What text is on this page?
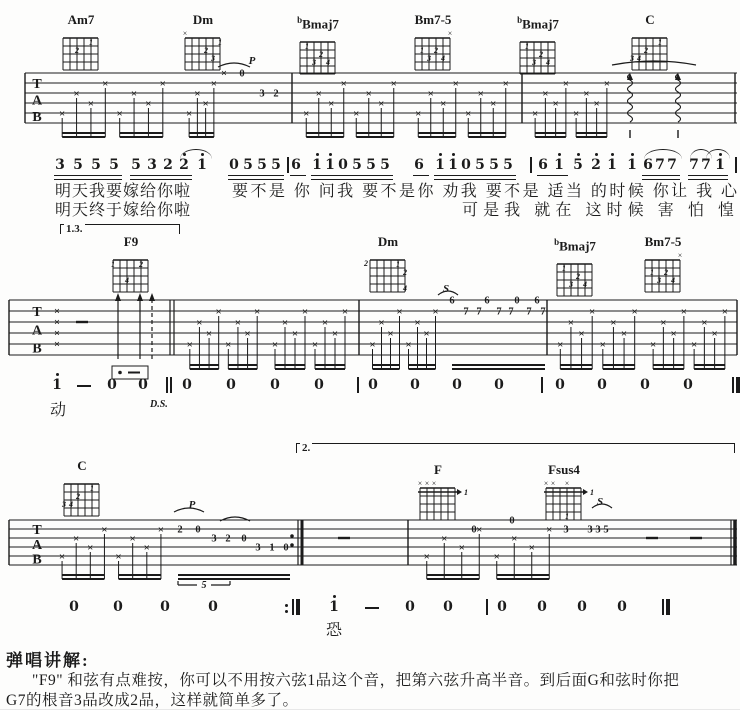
T
A
B ×
×
×
×
×
×
×
×
×
×
×
×
×
×
×
×
×
×
×
×
×
×
×
×
×
×
×
×
×
×
×
×
×
×
×
×
× 0
3 2
P
T
A
B	×
×
×
×
×
×
×
×
×
×
×
×
×
×
×
×
×
×
×
×
×
×
×
×
×
×
×
×
×
×
×
×
×
×
×
×
×
×
×
×
×
×
×
×
6	6 0 6
7 7 7 7 7 7
S
T
A
B ×
×
×
×
×
×
×
×
×
×
×
×
×
×
×
×
2 0
3 2 0
3 1 0
0
0
3 3 3 5
P	S
5
Am7
1
2
Dm
×
1
2
3
$^b$Bmaj7
1
2
3 4
Bm7-5
×
1 2
3 4
$^b$Bmaj7
1
2
3 4
C
1
2
3 4
F9
1	2
4
Dm
1
2
4
2
$^b$Bmaj7
1
2
3 4
Bm7-5
×
1 2
3 4
C
1
2
3 4
F
× × ×
1
Fsus4
× × ×
1
1
3 5 5 5 5 3 2 2 1 0 5 5 5 6 1 1 0 5 5 5 6 1 1 0 5 5 5 6 1 5 2 1 1 6 7 7 7 7 1
1	0 0 0 0 0 0	0 0 0 0	0 0 0 0
D.S.
0 0	0	0	1	0 0	0 0 0 0
明天我要嫁给你啦
明天终于嫁给你啦
要不是 你 问我 要不是你 劝我 要不是 适当 的时候 你让 我 心
可是我 就在 这时候 害 怕 惶
动
恐
1.3.
2.
弹唱讲解:
"F9" 和弦有点难按，你可以不用按六弦1品这个音，把第六弦升高半音。到后面G和弦时你把
G7的根音3品改成2品，这样就简单多了。
